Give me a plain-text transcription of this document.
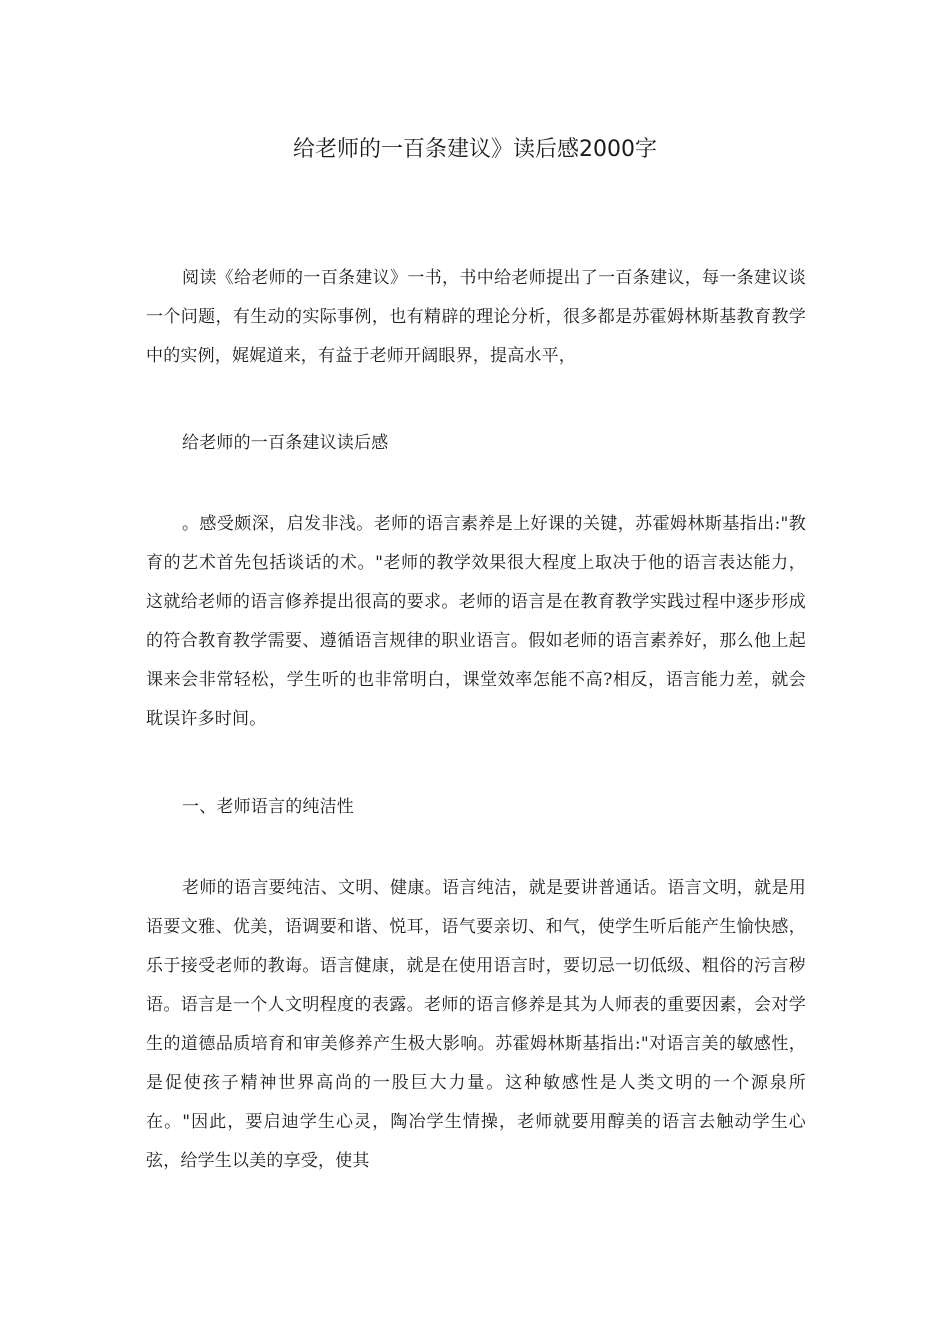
给老师的一百条建议》读后感2000字

阅读《给老师的一百条建议》一书，书中给老师提出了一百条建议，每一条建议谈一个问题，有生动的实际事例，也有精辟的理论分析，很多都是苏霍姆林斯基教育教学中的实例，娓娓道来，有益于老师开阔眼界，提高水平，

给老师的一百条建议读后感

。感受颇深，启发非浅。老师的语言素养是上好课的关键，苏霍姆林斯基指出:"教育的艺术首先包括谈话的术。"老师的教学效果很大程度上取决于他的语言表达能力，这就给老师的语言修养提出很高的要求。老师的语言是在教育教学实践过程中逐步形成的符合教育教学需要、遵循语言规律的职业语言。假如老师的语言素养好，那么他上起课来会非常轻松，学生听的也非常明白，课堂效率怎能不高?相反，语言能力差，就会耽误许多时间。

一、老师语言的纯洁性

老师的语言要纯洁、文明、健康。语言纯洁，就是要讲普通话。语言文明，就是用语要文雅、优美，语调要和谐、悦耳，语气要亲切、和气，使学生听后能产生愉快感，乐于接受老师的教诲。语言健康，就是在使用语言时，要切忌一切低级、粗俗的污言秽语。语言是一个人文明程度的表露。老师的语言修养是其为人师表的重要因素，会对学生的道德品质培育和审美修养产生极大影响。苏霍姆林斯基指出:"对语言美的敏感性，是促使孩子精神世界高尚的一股巨大力量。这种敏感性是人类文明的一个源泉所在。"因此，要启迪学生心灵，陶冶学生情操，老师就要用醇美的语言去触动学生心弦，给学生以美的享受，使其
